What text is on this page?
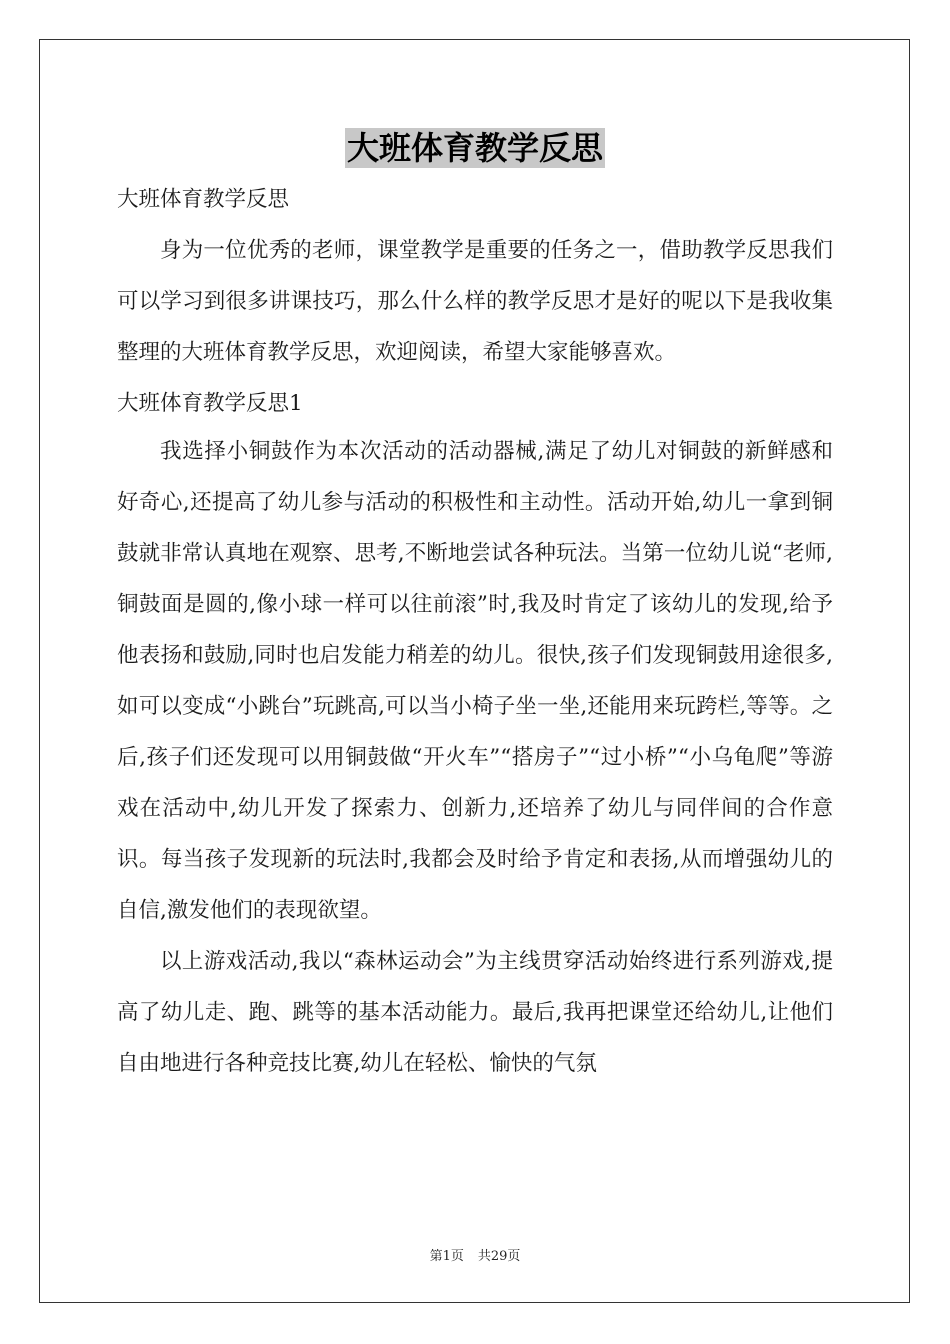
大班体育教学反思

大班体育教学反思

身为一位优秀的老师，课堂教学是重要的任务之一，借助教学反思我们可以学习到很多讲课技巧，那么什么样的教学反思才是好的呢以下是我收集整理的大班体育教学反思，欢迎阅读，希望大家能够喜欢。

大班体育教学反思1

我选择小铜鼓作为本次活动的活动器械,满足了幼儿对铜鼓的新鲜感和好奇心,还提高了幼儿参与活动的积极性和主动性。活动开始,幼儿一拿到铜鼓就非常认真地在观察、思考,不断地尝试各种玩法。当第一位幼儿说“老师,铜鼓面是圆的,像小球一样可以往前滚”时,我及时肯定了该幼儿的发现,给予他表扬和鼓励,同时也启发能力稍差的幼儿。很快,孩子们发现铜鼓用途很多,如可以变成“小跳台”玩跳高,可以当小椅子坐一坐,还能用来玩跨栏,等等。之后,孩子们还发现可以用铜鼓做“开火车”“搭房子”“过小桥”“小乌龟爬”等游戏在活动中,幼儿开发了探索力、创新力,还培养了幼儿与同伴间的合作意识。每当孩子发现新的玩法时,我都会及时给予肯定和表扬,从而增强幼儿的自信,激发他们的表现欲望。

以上游戏活动,我以“森林运动会”为主线贯穿活动始终进行系列游戏,提高了幼儿走、跑、跳等的基本活动能力。最后,我再把课堂还给幼儿,让他们自由地进行各种竞技比赛,幼儿在轻松、愉快的气氛

第1页 共29页
